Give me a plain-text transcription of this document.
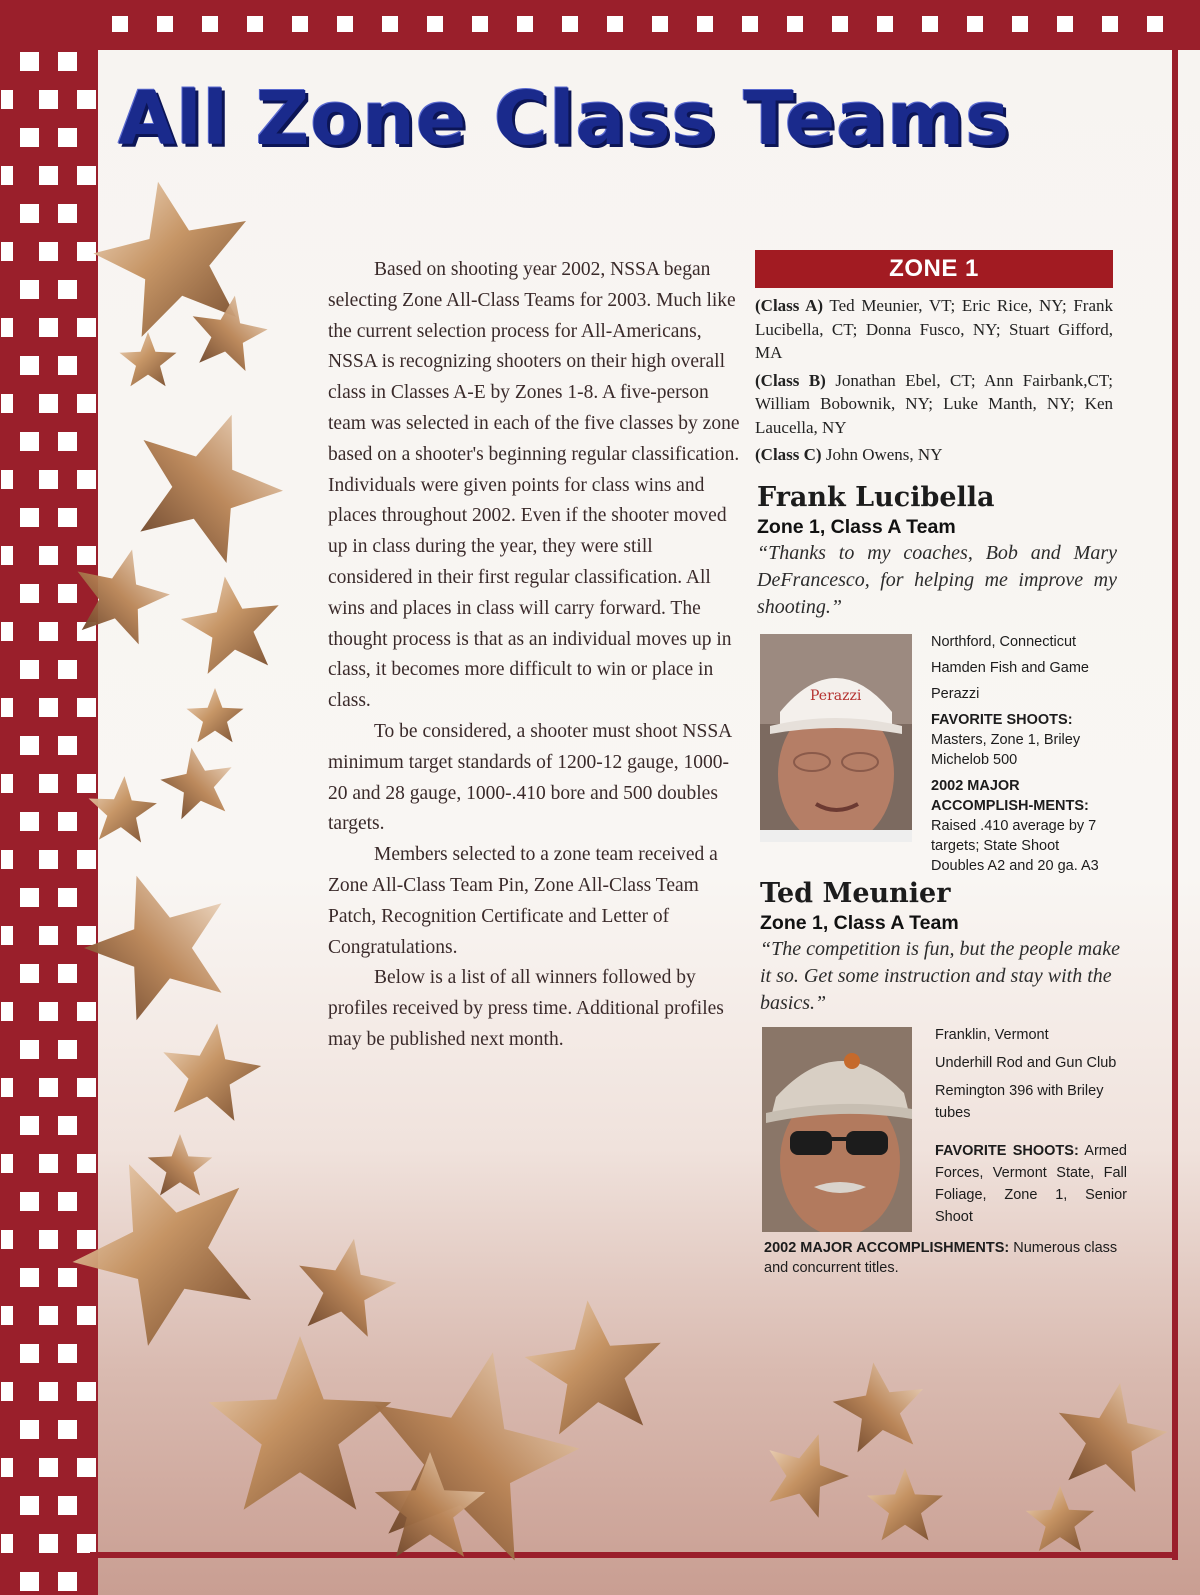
All Zone Class Teams

Based on shooting year 2002, NSSA began selecting Zone All-Class Teams for 2003. Much like the current selection process for All-Americans, NSSA is recognizing shooters on their high overall class in Classes A-E by Zones 1-8. A five-person team was selected in each of the five classes by zone based on a shooter's beginning regular classification. Individuals were given points for class wins and places throughout 2002. Even if the shooter moved up in class during the year, they were still considered in their first regular classification. All wins and places in class will carry forward. The thought process is that as an individual moves up in class, it becomes more difficult to win or place in class.

To be considered, a shooter must shoot NSSA minimum target standards of 1200-12 gauge, 1000-20 and 28 gauge, 1000-.410 bore and 500 doubles targets.

Members selected to a zone team received a Zone All-Class Team Pin, Zone All-Class Team Patch, Recognition Certificate and Letter of Congratulations.

Below is a list of all winners followed by profiles received by press time. Additional profiles may be published next month.

ZONE 1

(Class A) Ted Meunier, VT; Eric Rice, NY; Frank Lucibella, CT; Donna Fusco, NY; Stuart Gifford, MA

(Class B) Jonathan Ebel, CT; Ann Fairbank,CT; William Bobownik, NY; Luke Manth, NY; Ken Laucella, NY

(Class C) John Owens, NY

Frank Lucibella

Zone 1, Class A Team

“Thanks to my coaches, Bob and Mary DeFrancesco, for helping me improve my shooting.”

Perazzi
Northford, Connecticut
Hamden Fish and Game
Perazzi
FAVORITE SHOOTS: Masters, Zone 1, Briley Michelob 500
2002 MAJOR ACCOMPLISH-MENTS: Raised .410 average by 7 targets; State Shoot Doubles A2 and 20 ga. A3

Ted Meunier

Zone 1, Class A Team

“The competition is fun, but the people make it so. Get some instruction and stay with the basics.”

Franklin, Vermont
Underhill Rod and Gun Club
Remington 396 with Briley tubes
FAVORITE SHOOTS: Armed Forces, Vermont State, Fall Foliage, Zone 1, Senior Shoot
2002 MAJOR ACCOMPLISHMENTS: Numerous class and concurrent titles.
